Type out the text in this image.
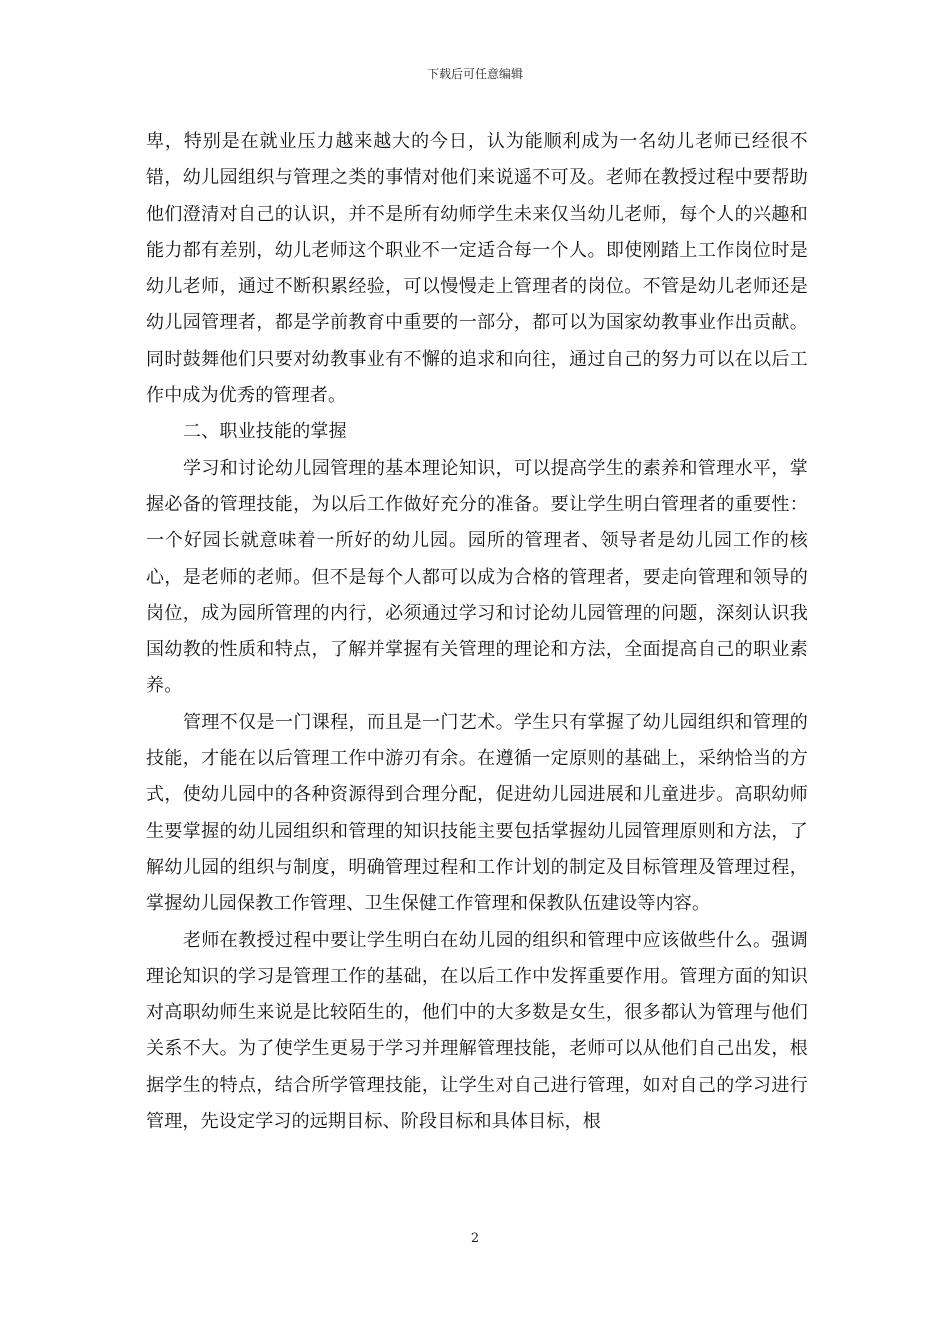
下载后可任意编辑

卑，特别是在就业压力越来越大的今日，认为能顺利成为一名幼儿老师已经很不错，幼儿园组织与管理之类的事情对他们来说遥不可及。老师在教授过程中要帮助他们澄清对自己的认识，并不是所有幼师学生未来仅当幼儿老师，每个人的兴趣和能力都有差别，幼儿老师这个职业不一定适合每一个人。即使刚踏上工作岗位时是幼儿老师，通过不断积累经验，可以慢慢走上管理者的岗位。不管是幼儿老师还是幼儿园管理者，都是学前教育中重要的一部分，都可以为国家幼教事业作出贡献。同时鼓舞他们只要对幼教事业有不懈的追求和向往，通过自己的努力可以在以后工作中成为优秀的管理者。

二、职业技能的掌握

学习和讨论幼儿园管理的基本理论知识，可以提高学生的素养和管理水平，掌握必备的管理技能，为以后工作做好充分的准备。要让学生明白管理者的重要性：一个好园长就意味着一所好的幼儿园。园所的管理者、领导者是幼儿园工作的核心，是老师的老师。但不是每个人都可以成为合格的管理者，要走向管理和领导的岗位，成为园所管理的内行，必须通过学习和讨论幼儿园管理的问题，深刻认识我国幼教的性质和特点，了解并掌握有关管理的理论和方法，全面提高自己的职业素养。

管理不仅是一门课程，而且是一门艺术。学生只有掌握了幼儿园组织和管理的技能，才能在以后管理工作中游刃有余。在遵循一定原则的基础上，采纳恰当的方式，使幼儿园中的各种资源得到合理分配，促进幼儿园进展和儿童进步。高职幼师生要掌握的幼儿园组织和管理的知识技能主要包括掌握幼儿园管理原则和方法，了解幼儿园的组织与制度，明确管理过程和工作计划的制定及目标管理及管理过程，掌握幼儿园保教工作管理、卫生保健工作管理和保教队伍建设等内容。

老师在教授过程中要让学生明白在幼儿园的组织和管理中应该做些什么。强调理论知识的学习是管理工作的基础，在以后工作中发挥重要作用。管理方面的知识对高职幼师生来说是比较陌生的，他们中的大多数是女生，很多都认为管理与他们关系不大。为了使学生更易于学习并理解管理技能，老师可以从他们自己出发，根据学生的特点，结合所学管理技能，让学生对自己进行管理，如对自己的学习进行管理，先设定学习的远期目标、阶段目标和具体目标，根

2
